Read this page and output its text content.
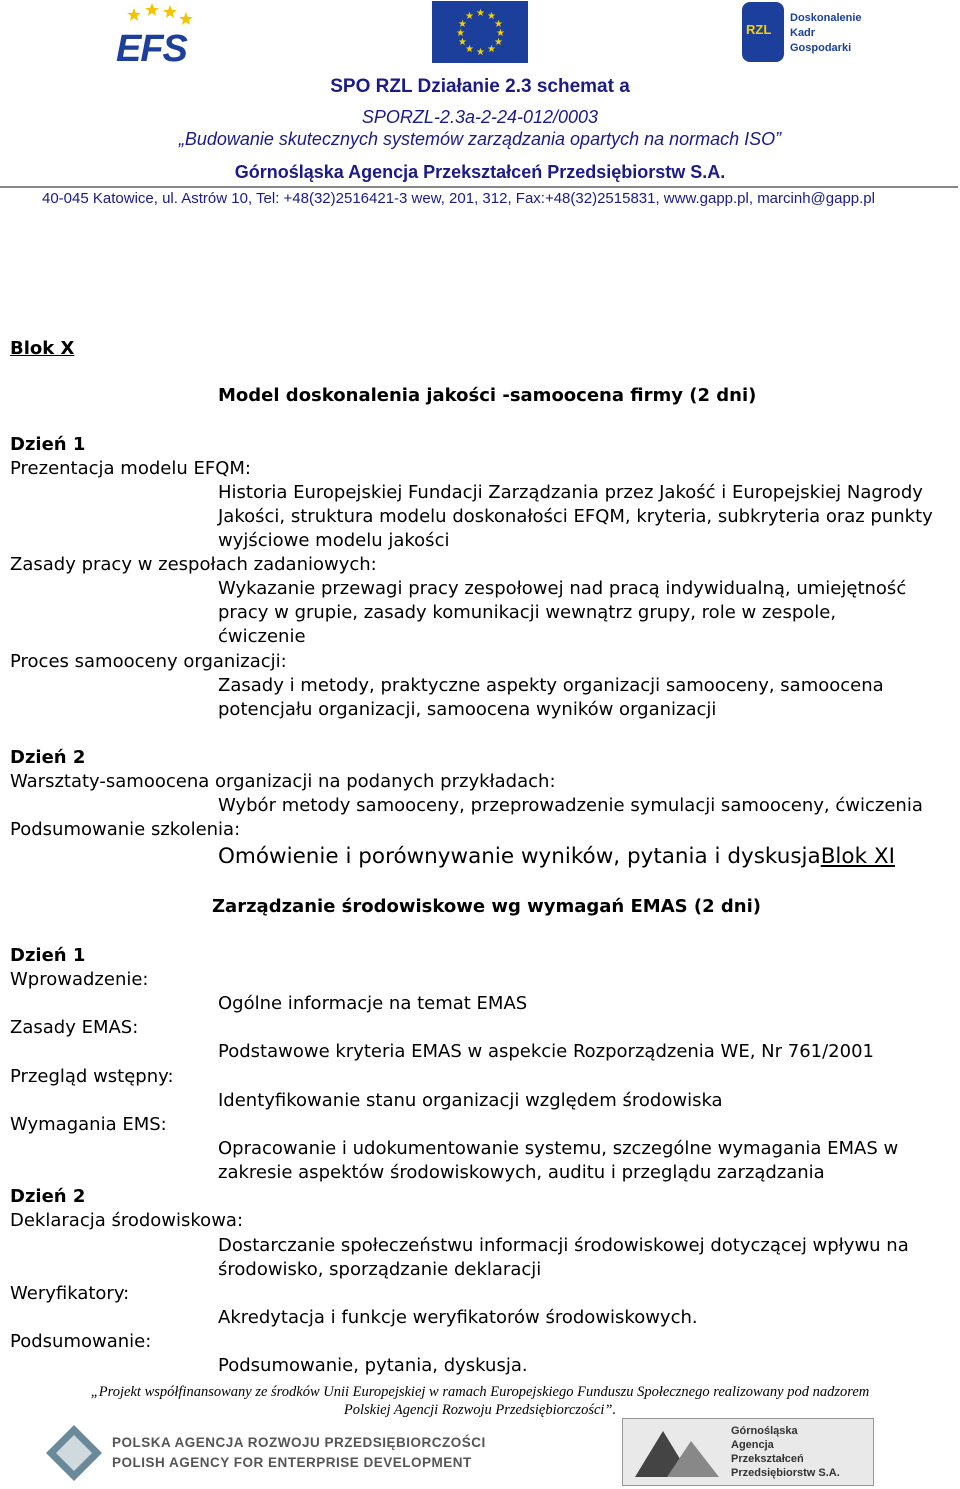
EFS
★ ★
★
★
★
★
★
★
★
★
★
★
RZL
Doskonalenie
Kadr
Gospodarki
SPO RZL Działanie 2.3 schemat a
SPORZL-2.3a-2-24-012/0003
„Budowanie skutecznych systemów zarządzania opartych na normach ISO”
Górnośląska Agencja Przekształceń Przedsiębiorstw S.A.
40-045 Katowice, ul. Astrów 10, Tel: +48(32)2516421-3 wew, 201, 312, Fax:+48(32)2515831, www.gapp.pl, marcinh@gapp.pl
Blok X
Model doskonalenia jakości -samoocena firmy (2 dni)
Dzień 1
Prezentacja modelu EFQM:
Historia Europejskiej Fundacji Zarządzania przez Jakość i Europejskiej Nagrody
Jakości, struktura modelu doskonałości EFQM, kryteria, subkryteria oraz punkty
wyjściowe modelu jakości
Zasady pracy w zespołach zadaniowych:
Wykazanie przewagi pracy zespołowej nad pracą indywidualną, umiejętność
pracy w grupie, zasady komunikacji wewnątrz grupy, role w zespole,
ćwiczenie
Proces samooceny organizacji:
Zasady i metody, praktyczne aspekty organizacji samooceny, samoocena
potencjału organizacji, samoocena wyników organizacji
Dzień 2
Warsztaty-samoocena organizacji na podanych przykładach:
Wybór metody samooceny, przeprowadzenie symulacji samooceny, ćwiczenia
Podsumowanie szkolenia:
Omówienie i porównywanie wyników, pytania i dyskusjaBlok XI
Zarządzanie środowiskowe wg wymagań EMAS (2 dni)
Dzień 1
Wprowadzenie:
Ogólne informacje na temat EMAS
Zasady EMAS:
Podstawowe kryteria EMAS w aspekcie Rozporządzenia WE, Nr 761/2001
Przegląd wstępny:
Identyfikowanie stanu organizacji względem środowiska
Wymagania EMS:
Opracowanie i udokumentowanie systemu, szczególne wymagania EMAS w
zakresie aspektów środowiskowych, auditu i przeglądu zarządzania
Dzień 2
Deklaracja środowiskowa:
Dostarczanie społeczeństwu informacji środowiskowej dotyczącej wpływu na
środowisko, sporządzanie deklaracji
Weryfikatory:
Akredytacja i funkcje weryfikatorów środowiskowych.
Podsumowanie:
Podsumowanie, pytania, dyskusja.
„Projekt współfinansowany ze środków Unii Europejskiej w ramach Europejskiego Funduszu Społecznego realizowany pod nadzorem
Polskiej Agencji Rozwoju Przedsiębiorczości”.
POLSKA AGENCJA ROZWOJU PRZEDSIĘBIORCZOŚCI
POLISH AGENCY FOR ENTERPRISE DEVELOPMENT
Górnośląska
Agencja
Przekształceń
Przedsiębiorstw S.A.
